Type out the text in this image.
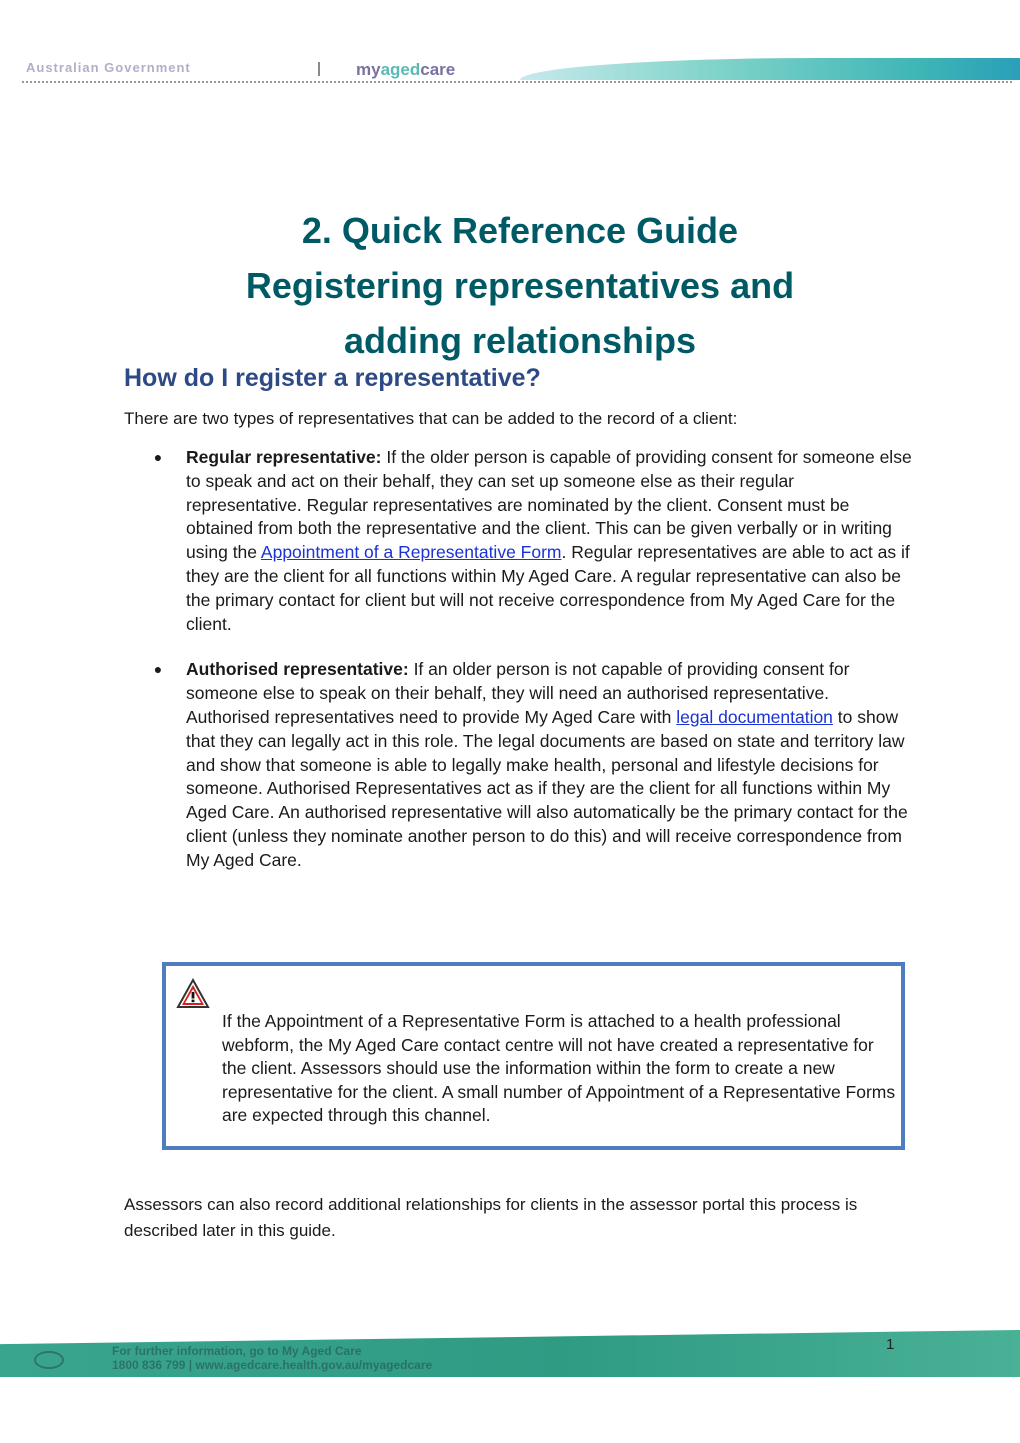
Australian Government	myagedcare
2. Quick Reference Guide
Registering representatives and
adding relationships
How do I register a representative?
There are two types of representatives that can be added to the record of a client:
● Regular representative: If the older person is capable of providing consent for someone else to speak and act on their behalf, they can set up someone else as their regular representative. Regular representatives are nominated by the client. Consent must be obtained from both the representative and the client. This can be given verbally or in writing using the Appointment of a Representative Form. Regular representatives are able to act as if they are the client for all functions within My Aged Care. A regular representative can also be the primary contact for client but will not receive correspondence from My Aged Care for the client.
● Authorised representative: If an older person is not capable of providing consent for someone else to speak on their behalf, they will need an authorised representative. Authorised representatives need to provide My Aged Care with legal documentation to show that they can legally act in this role. The legal documents are based on state and territory law and show that someone is able to legally make health, personal and lifestyle decisions for someone. Authorised Representatives act as if they are the client for all functions within My Aged Care. An authorised representative will also automatically be the primary contact for the client (unless they nominate another person to do this) and will receive correspondence from My Aged Care.
If the Appointment of a Representative Form is attached to a health professional webform, the My Aged Care contact centre will not have created a representative for the client. Assessors should use the information within the form to create a new representative for the client. A small number of Appointment of a Representative Forms are expected through this channel.
Assessors can also record additional relationships for clients in the assessor portal this process is described later in this guide.
For further information, go to My Aged Care
1800 836 799 | www.agedcare.health.gov.au/myagedcare
1
